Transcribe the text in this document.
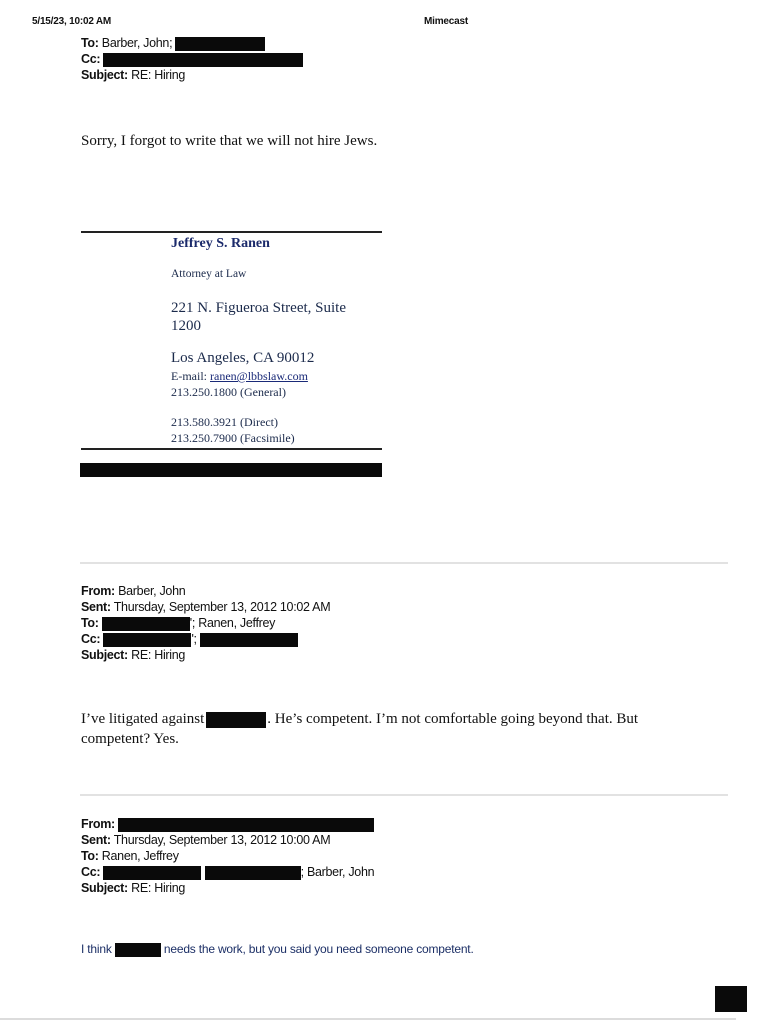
5/15/23, 10:02 AM	Mimecast
To: Barber, John;
Cc:
Subject: RE: Hiring
Sorry, I forgot to write that we will not hire Jews.
Jeffrey S. Ranen
Attorney at Law
221 N. Figueroa Street, Suite
1200
Los Angeles, CA 90012
E-mail: ranen@lbbslaw.com
213.250.1800 (General)
213.580.3921 (Direct)
213.250.7900 (Facsimile)
From: Barber, John
Sent: Thursday, September 13, 2012 10:02 AM
To:	'; Ranen, Jeffrey
Cc:	';
Subject: RE: Hiring
I’ve litigated against	. He’s competent. I’m not comfortable going beyond that. But
competent? Yes.
From:
Sent: Thursday, September 13, 2012 10:00 AM
To: Ranen, Jeffrey
Cc:	; Barber, John
Subject: RE: Hiring
I think	needs the work, but you said you need someone competent.
